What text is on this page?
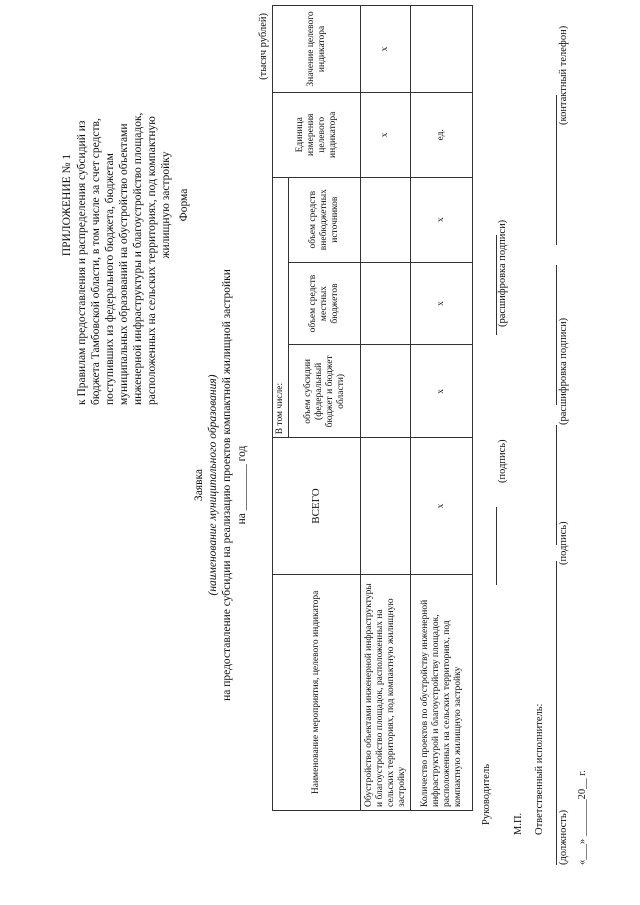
ПРИЛОЖЕНИЕ № 1 к Правилам предоставления и распределения субсидий из бюджета Тамбовской области, в том числе за счет средств, поступивших из федерального бюджета, бюджетам муниципальных образований на обустройство объектами инженерной инфраструктуры и благоустройство площадок, расположенных на сельских территориях, под компактную жилищную застройку Форма
Заявка (наименование муниципального образования) на предоставление субсидии на реализацию проектов компактной жилищной застройки на ________ год
(тысяч рублей)
Наименование мероприятия, целевого индикатора	ВСЕГО	В том числе:			Единица измерения целевого индикатора	Значение целевого индикатора
		объем субсидии (федеральный бюджет и бюджет области)	объем средств местных бюджетов	объем средств внебюджетных источников		
Обустройство объектами инженерной инфраструктуры и благоустройство площадок, расположенных на сельских территориях, под компактную жилищную застройку					x	x
Количество проектов по обустройству инженерной инфраструктурой и благоустройству площадок, расположенных на сельских территориях, под компактную жилищную застройку	x	x	x	x	ед.	
Руководитель
(подпись)
(расшифровка подписи)
М.П. Ответственный исполнитель:
(должность)
(подпись)
(расшифровка подписи)
(контактный телефон)
«___» _______20__ г.
